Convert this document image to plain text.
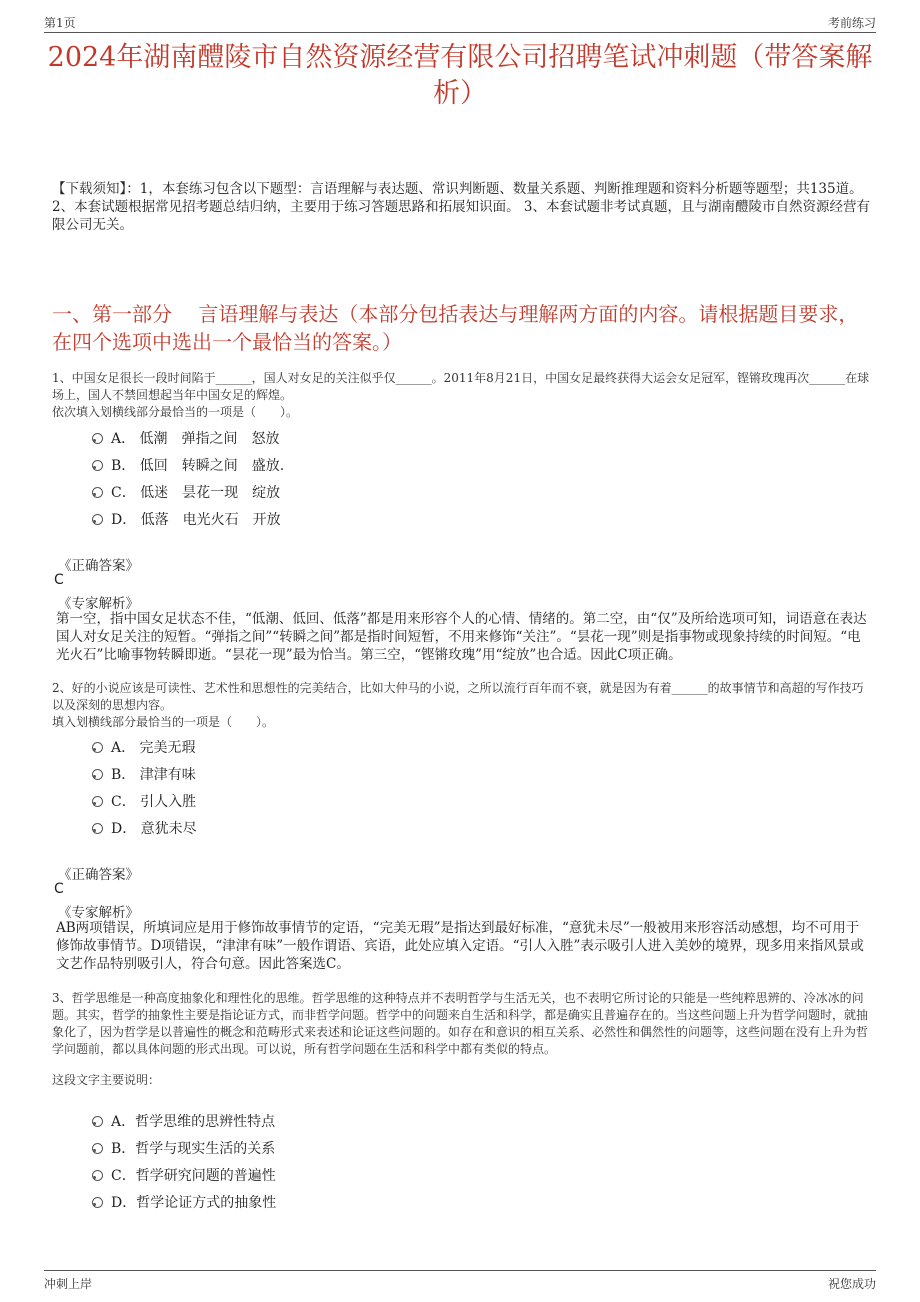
第1页	考前练习
2024年湖南醴陵市自然资源经营有限公司招聘笔试冲刺题（带答案解析）
【下载须知】：1，本套练习包含以下题型：言语理解与表达题、常识判断题、数量关系题、判断推理题和资料分析题等题型；共135道。 2、本套试题根据常见招考题总结归纳，主要用于练习答题思路和拓展知识面。 3、本套试题非考试真题，且与湖南醴陵市自然资源经营有限公司无关。
一、第一部分　 言语理解与表达（本部分包括表达与理解两方面的内容。请根据题目要求，在四个选项中选出一个最恰当的答案。）
1、中国女足很长一段时间陷于______，国人对女足的关注似乎仅______。2011年8月21日，中国女足最终获得大运会女足冠军，铿锵玫瑰再次______在球场上，国人不禁回想起当年中国女足的辉煌。
依次填入划横线部分最恰当的一项是（　　）。
A． 低潮　弹指之间　怒放
B． 低回　转瞬之间　盛放.
C． 低迷　昙花一现　绽放
D． 低落　电光火石　开放
《正确答案》
C
《专家解析》
第一空，指中国女足状态不佳，“低潮、低回、低落”都是用来形容个人的心情、情绪的。第二空，由“仅”及所给选项可知，词语意在表达国人对女足关注的短暂。“弹指之间”“转瞬之间”都是指时间短暂，不用来修饰“关注”。“昙花一现”则是指事物或现象持续的时间短。“电光火石”比喻事物转瞬即逝。“昙花一现”最为恰当。第三空，“铿锵玫瑰”用“绽放”也合适。因此C项正确。
2、好的小说应该是可读性、艺术性和思想性的完美结合，比如大仲马的小说，之所以流行百年而不衰，就是因为有着______的故事情节和高超的写作技巧以及深刻的思想内容。
填入划横线部分最恰当的一项是（　　）。
A． 完美无瑕
B． 津津有味
C． 引人入胜
D． 意犹未尽
《正确答案》
C
《专家解析》
AB两项错误，所填词应是用于修饰故事情节的定语，“完美无瑕”是指达到最好标准，“意犹未尽”一般被用来形容活动感想，均不可用于修饰故事情节。D项错误，“津津有味”一般作谓语、宾语，此处应填入定语。“引人入胜”表示吸引人进入美妙的境界，现多用来指风景或文艺作品特别吸引人，符合句意。因此答案选C。
3、哲学思维是一种高度抽象化和理性化的思维。哲学思维的这种特点并不表明哲学与生活无关，也不表明它所讨论的只能是一些纯粹思辨的、冷冰冰的问题。其实，哲学的抽象性主要是指论证方式，而非哲学问题。哲学中的问题来自生活和科学，都是确实且普遍存在的。当这些问题上升为哲学问题时，就抽象化了，因为哲学是以普遍性的概念和范畴形式来表述和论证这些问题的。如存在和意识的相互关系、必然性和偶然性的问题等，这些问题在没有上升为哲学问题前，都以具体问题的形式出现。可以说，所有哲学问题在生活和科学中都有类似的特点。
这段文字主要说明：
A．哲学思维的思辨性特点
B．哲学与现实生活的关系
C．哲学研究问题的普遍性
D．哲学论证方式的抽象性
冲刺上岸	祝您成功
